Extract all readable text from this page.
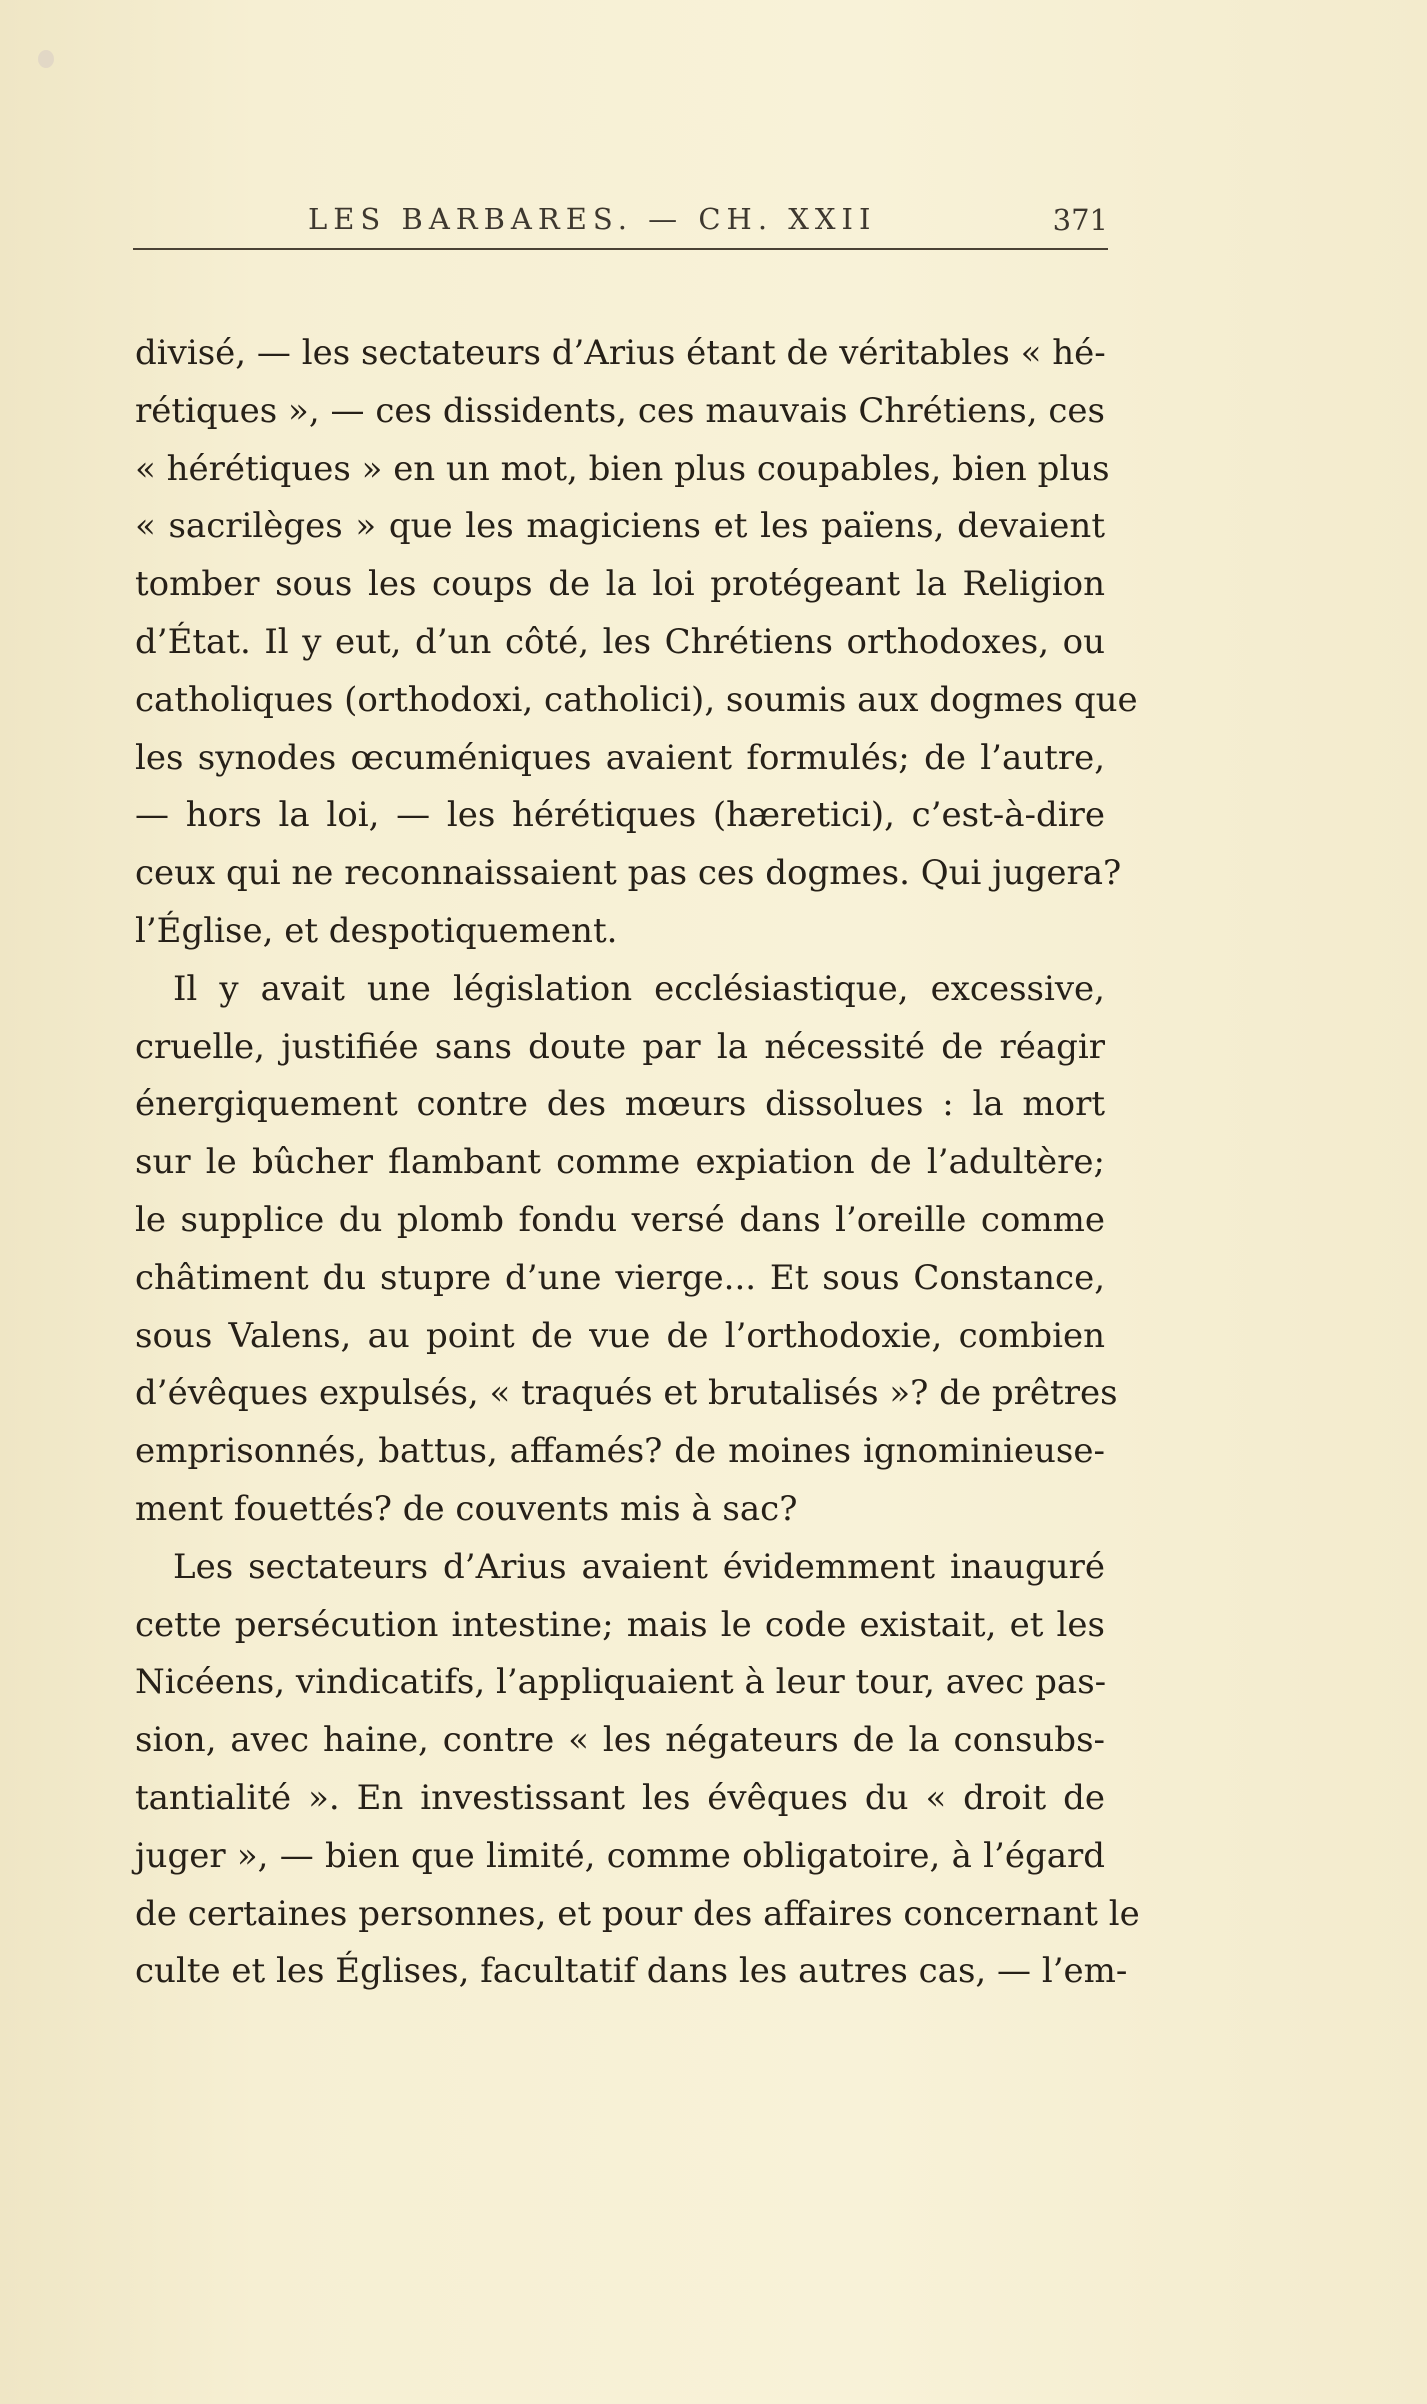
LES BARBARES. — CH. XXII	371
divisé, — les sectateurs d’Arius étant de véritables « hé-
rétiques », — ces dissidents, ces mauvais Chrétiens, ces
« hérétiques » en un mot, bien plus coupables, bien plus
« sacrilèges » que les magiciens et les païens, devaient
tomber sous les coups de la loi protégeant la Religion
d’État. Il y eut, d’un côté, les Chrétiens orthodoxes, ou
catholiques (orthodoxi, catholici), soumis aux dogmes que
les synodes œcuméniques avaient formulés; de l’autre,
— hors la loi, — les hérétiques (hæretici), c’est-à-dire
ceux qui ne reconnaissaient pas ces dogmes. Qui jugera?
l’Église, et despotiquement.
Il y avait une législation ecclésiastique, excessive,
cruelle, justifiée sans doute par la nécessité de réagir
énergiquement contre des mœurs dissolues : la mort
sur le bûcher flambant comme expiation de l’adultère;
le supplice du plomb fondu versé dans l’oreille comme
châtiment du stupre d’une vierge... Et sous Constance,
sous Valens, au point de vue de l’orthodoxie, combien
d’évêques expulsés, « traqués et brutalisés »? de prêtres
emprisonnés, battus, affamés? de moines ignominieuse-
ment fouettés? de couvents mis à sac?
Les sectateurs d’Arius avaient évidemment inauguré
cette persécution intestine; mais le code existait, et les
Nicéens, vindicatifs, l’appliquaient à leur tour, avec pas-
sion, avec haine, contre « les négateurs de la consubs-
tantialité ». En investissant les évêques du « droit de
juger », — bien que limité, comme obligatoire, à l’égard
de certaines personnes, et pour des affaires concernant le
culte et les Églises, facultatif dans les autres cas, — l’em-
